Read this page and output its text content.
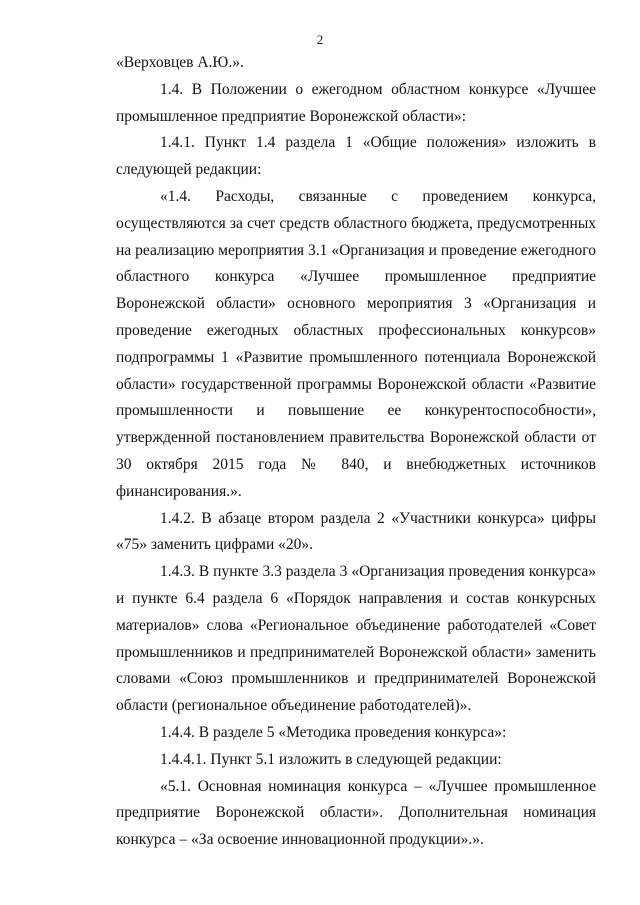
2

«Верховцев А.Ю.».

1.4. В Положении о ежегодном областном конкурсе «Лучшее промышленное предприятие Воронежской области»:

1.4.1. Пункт 1.4 раздела 1 «Общие положения» изложить в следующей редакции:

«1.4. Расходы, связанные с проведением конкурса, осуществляются за счет средств областного бюджета, предусмотренных на реализацию мероприятия 3.1 «Организация и проведение ежегодного областного конкурса «Лучшее промышленное предприятие Воронежской области» основного мероприятия 3 «Организация и проведение ежегодных областных профессиональных конкурсов» подпрограммы 1 «Развитие промышленного потенциала Воронежской области» государственной программы Воронежской области «Развитие промышленности и повышение ее конкурентоспособности», утвержденной постановлением правительства Воронежской области от 30 октября 2015 года № 840, и внебюджетных источников финансирования.».

1.4.2. В абзаце втором раздела 2 «Участники конкурса» цифры «75» заменить цифрами «20».

1.4.3. В пункте 3.3 раздела 3 «Организация проведения конкурса» и пункте 6.4 раздела 6 «Порядок направления и состав конкурсных материалов» слова «Региональное объединение работодателей «Совет промышленников и предпринимателей Воронежской области» заменить словами «Союз промышленников и предпринимателей Воронежской области (региональное объединение работодателей)».

1.4.4. В разделе 5 «Методика проведения конкурса»:

1.4.4.1. Пункт 5.1 изложить в следующей редакции:

«5.1. Основная номинация конкурса – «Лучшее промышленное предприятие Воронежской области». Дополнительная номинация конкурса – «За освоение инновационной продукции».».
